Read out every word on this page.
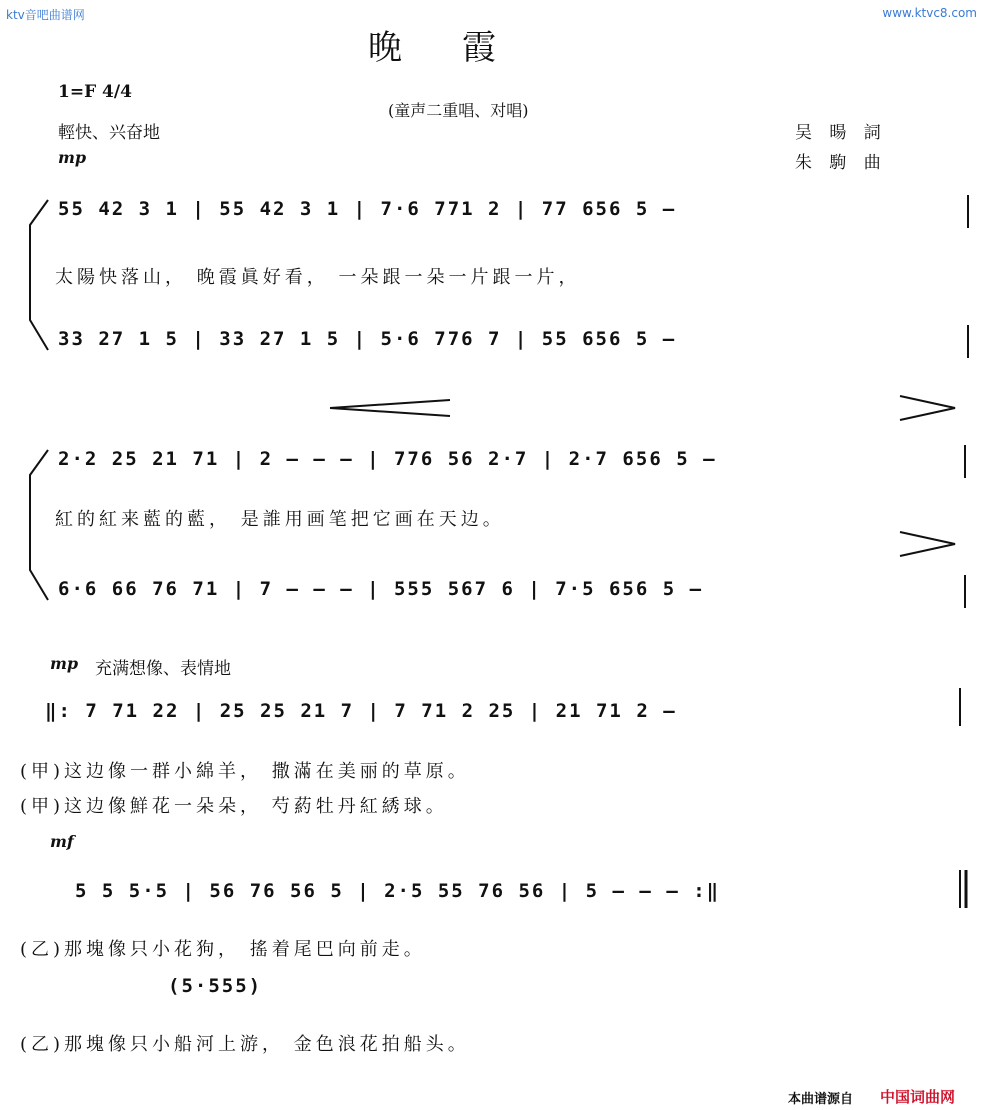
ktv音吧曲谱网	www.ktvc8.com
晚霞
(童声二重唱、对唱)
1=F 4/4
輕快、兴奋地
mp
吴 暘 詞
朱 駒 曲
55 42 3 1 | 55 42 3 1 | 7·6 771 2 | 77 656 5 —
太陽快落山， 晚霞眞好看， 一朵跟一朵一片跟一片，
33 27 1 5 | 33 27 1 5 | 5·6 776 7 | 55 656 5 —
2·2 25 21 71 | 2 — — — | 776 56 2·7 | 2·7 656 5 —
紅的紅来藍的藍， 是誰用画笔把它画在天边。
6·6 66 76 71 | 7 — — — | 555 567 6 | 7·5 656 5 —
mp 充满想像、表情地
‖: 7 71 22 | 25 25 21 7 | 7 71 2 25 | 21 71 2 —
(甲)这边像一群小綿羊， 撒滿在美丽的草原。
(甲)这边像鮮花一朵朵， 芍葯牡丹紅綉球。
mf
5 5 5·5 | 56 76 56 5 | 2·5 55 76 56 | 5 — — — :‖
(乙)那塊像只小花狗， 搖着尾巴向前走。
(5·555)
(乙)那塊像只小船河上游， 金色浪花拍船头。
本曲谱源自 中国词曲网
